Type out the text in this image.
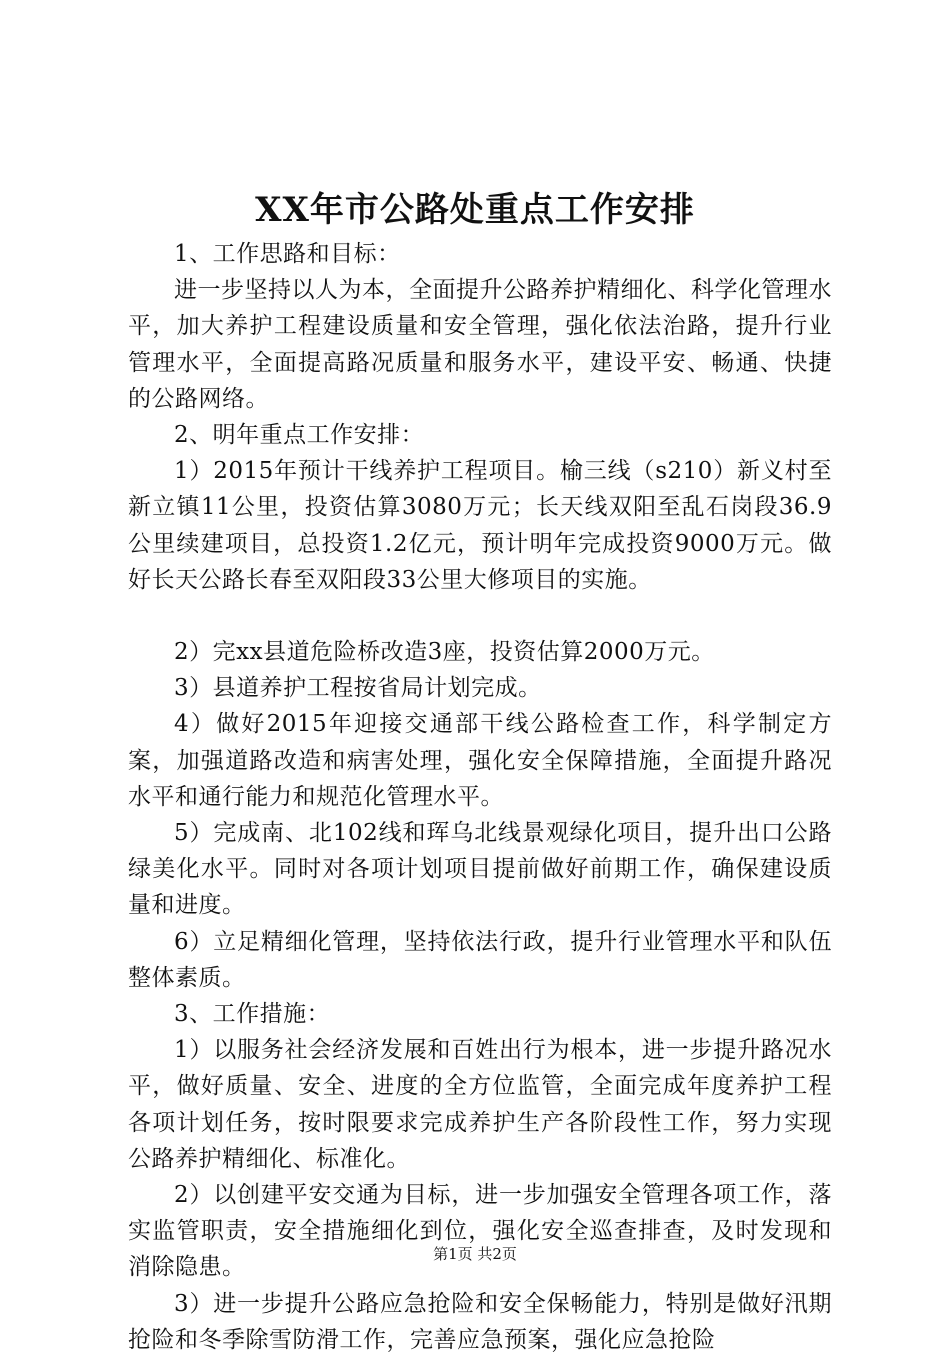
XX年市公路处重点工作安排

1、工作思路和目标：

进一步坚持以人为本，全面提升公路养护精细化、科学化管理水平，加大养护工程建设质量和安全管理，强化依法治路，提升行业管理水平，全面提高路况质量和服务水平，建设平安、畅通、快捷的公路网络。

2、明年重点工作安排：

1）2015年预计干线养护工程项目。榆三线（s210）新义村至新立镇11公里，投资估算3080万元；长天线双阳至乱石岗段36.9公里续建项目，总投资1.2亿元，预计明年完成投资9000万元。做好长天公路长春至双阳段33公里大修项目的实施。

2）完xx县道危险桥改造3座，投资估算2000万元。

3）县道养护工程按省局计划完成。

4）做好2015年迎接交通部干线公路检查工作，科学制定方案，加强道路改造和病害处理，强化安全保障措施，全面提升路况水平和通行能力和规范化管理水平。

5）完成南、北102线和珲乌北线景观绿化项目，提升出口公路绿美化水平。同时对各项计划项目提前做好前期工作，确保建设质量和进度。

6）立足精细化管理，坚持依法行政，提升行业管理水平和队伍整体素质。

3、工作措施：

1）以服务社会经济发展和百姓出行为根本，进一步提升路况水平，做好质量、安全、进度的全方位监管，全面完成年度养护工程各项计划任务，按时限要求完成养护生产各阶段性工作，努力实现公路养护精细化、标准化。

2）以创建平安交通为目标，进一步加强安全管理各项工作，落实监管职责，安全措施细化到位，强化安全巡查排查，及时发现和消除隐患。

3）进一步提升公路应急抢险和安全保畅能力，特别是做好汛期抢险和冬季除雪防滑工作，完善应急预案，强化应急抢险

第1页 共2页
